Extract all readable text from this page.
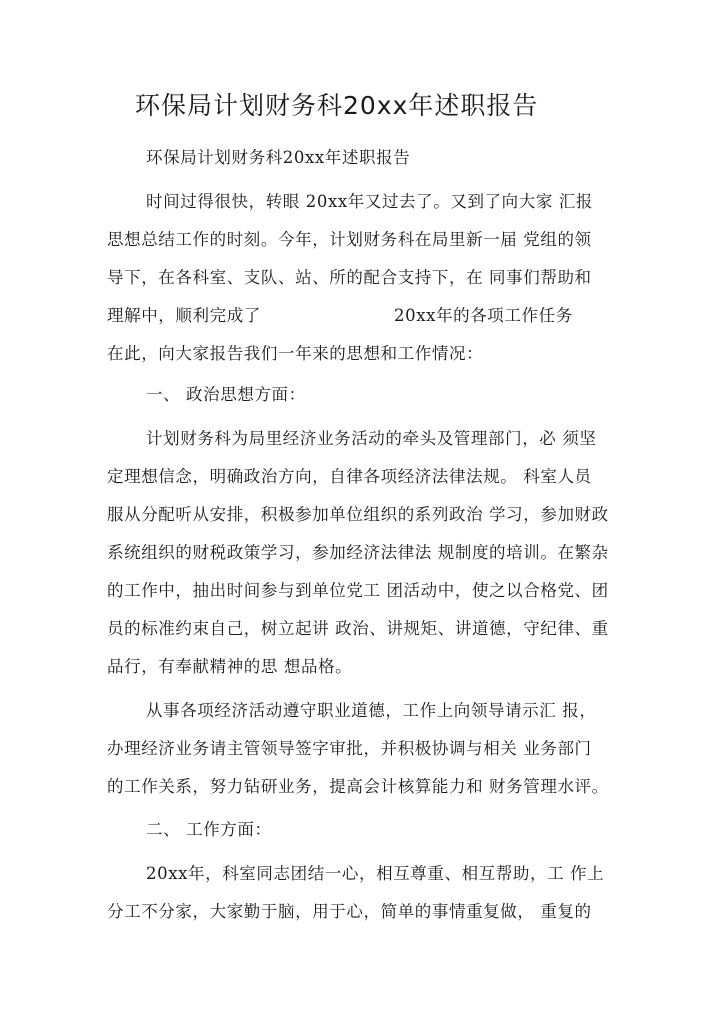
环保局计划财务科20xx年述职报告
环保局计划财务科20xx年述职报告
时间过得很快，转眼 20xx年又过去了。又到了向大家 汇报
思想总结工作的时刻。今年，计划财务科在局里新一届 党组的领
导下，在各科室、支队、站、所的配合支持下，在 同事们帮助和
理解中，顺利完成了	20xx年的各项工作任务
在此，向大家报告我们一年来的思想和工作情况：
一、 政治思想方面：
计划财务科为局里经济业务活动的牵头及管理部门，必 须坚
定理想信念，明确政治方向，自律各项经济法律法规。 科室人员
服从分配听从安排，积极参加单位组织的系列政治 学习，参加财政
系统组织的财税政策学习，参加经济法律法 规制度的培训。在繁杂
的工作中，抽出时间参与到单位党工 团活动中，使之以合格党、团
员的标准约束自己，树立起讲 政治、讲规矩、讲道德，守纪律、重
品行，有奉献精神的思 想品格。
从事各项经济活动遵守职业道德，工作上向领导请示汇 报，
办理经济业务请主管领导签字审批，并积极协调与相关 业务部门
的工作关系，努力钻研业务，提高会计核算能力和 财务管理水评。
二、 工作方面：
20xx年，科室同志团结一心，相互尊重、相互帮助，工 作上
分工不分家，大家勤于脑，用于心，简单的事情重复做， 重复的
